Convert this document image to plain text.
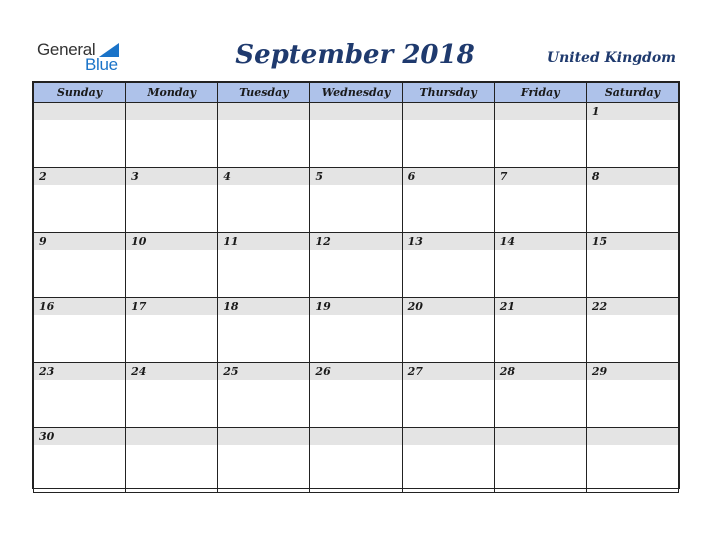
General
Blue	September 2018	United Kingdom
Sunday	Monday	Tuesday	Wednesday	Thursday	Friday	Saturday

						1

2	3	4	5	6	7	8

9	10	11	12	13	14	15

16	17	18	19	20	21	22

23	24	25	26	27	28	29

30						
